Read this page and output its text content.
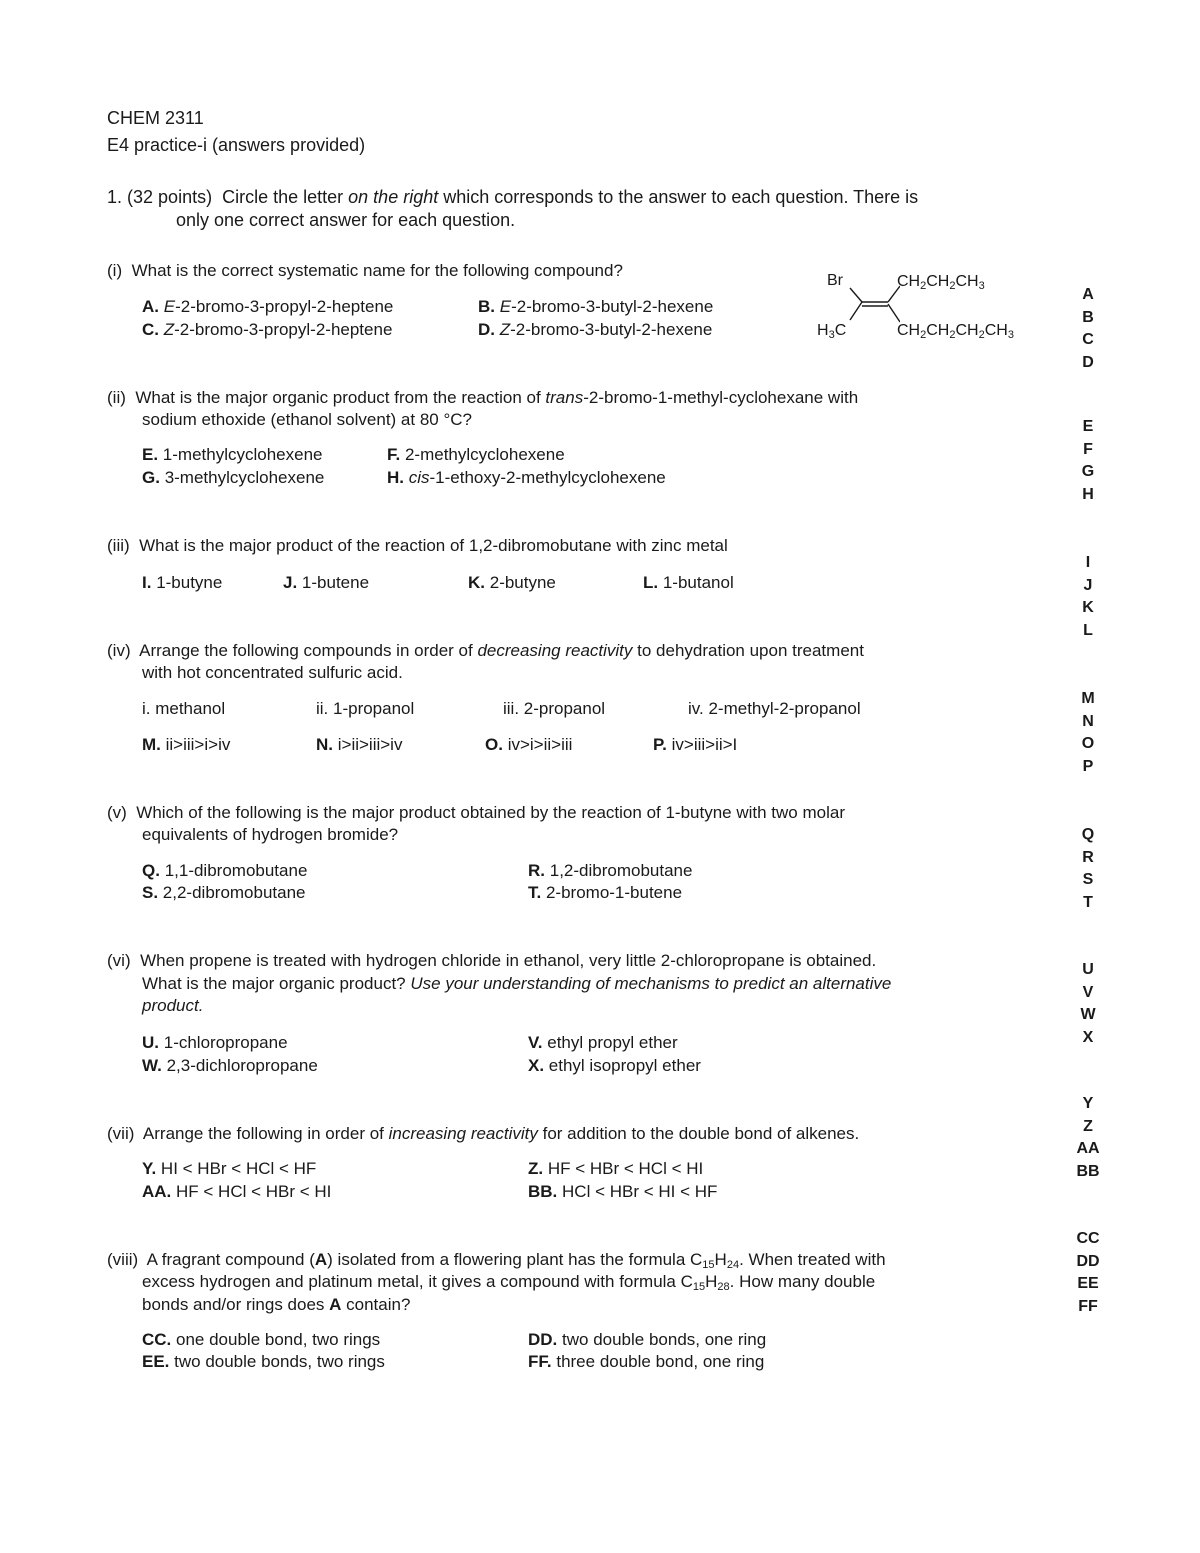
CHEM 2311
E4 practice-i (answers provided)
1. (32 points) Circle the letter on the right which corresponds to the answer to each question. There is
only one correct answer for each question.
(i) What is the correct systematic name for the following compound?
A. E-2-bromo-3-propyl-2-heptene	B. E-2-bromo-3-butyl-2-hexene
C. Z-2-bromo-3-propyl-2-heptene	D. Z-2-bromo-3-butyl-2-hexene
Br	$CH_2CH_2CH_3$
$H_3C$	$CH_2CH_2CH_2CH_3$
A
B
C
D
(ii) What is the major organic product from the reaction of trans-2-bromo-1-methyl-cyclohexane with
sodium ethoxide (ethanol solvent) at 80 °C?
E. 1-methylcyclohexene	F. 2-methylcyclohexene
G. 3-methylcyclohexene	H. cis-1-ethoxy-2-methylcyclohexene
E
F
G
H
(iii) What is the major product of the reaction of 1,2-dibromobutane with zinc metal
I. 1-butyne	J. 1-butene	K. 2-butyne	L. 1-butanol
I
J
K
L
(iv) Arrange the following compounds in order of decreasing reactivity to dehydration upon treatment
with hot concentrated sulfuric acid.
i. methanol	ii. 1-propanol	iii. 2-propanol	iv. 2-methyl-2-propanol
M. ii>iii>i>iv	N. i>ii>iii>iv	O. iv>i>ii>iii	P. iv>iii>ii>I
M
N
O
P
(v) Which of the following is the major product obtained by the reaction of 1-butyne with two molar
equivalents of hydrogen bromide?
Q. 1,1-dibromobutane	R. 1,2-dibromobutane
S. 2,2-dibromobutane	T. 2-bromo-1-butene
Q
R
S
T
(vi) When propene is treated with hydrogen chloride in ethanol, very little 2-chloropropane is obtained.
What is the major organic product? Use your understanding of mechanisms to predict an alternative
product.
U. 1-chloropropane	V. ethyl propyl ether
W. 2,3-dichloropropane	X. ethyl isopropyl ether
U
V
W
X
(vii) Arrange the following in order of increasing reactivity for addition to the double bond of alkenes.
Y. HI < HBr < HCl < HF	Z. HF < HBr < HCl < HI
AA. HF < HCl < HBr < HI	BB. HCl < HBr < HI < HF
Y
Z
AA
BB
(viii) A fragrant compound (A) isolated from a flowering plant has the formula $C_{15}H_{24}$. When treated with
excess hydrogen and platinum metal, it gives a compound with formula $C_{15}H_{28}$. How many double
bonds and/or rings does A contain?
CC. one double bond, two rings	DD. two double bonds, one ring
EE. two double bonds, two rings	FF. three double bond, one ring
CC
DD
EE
FF
